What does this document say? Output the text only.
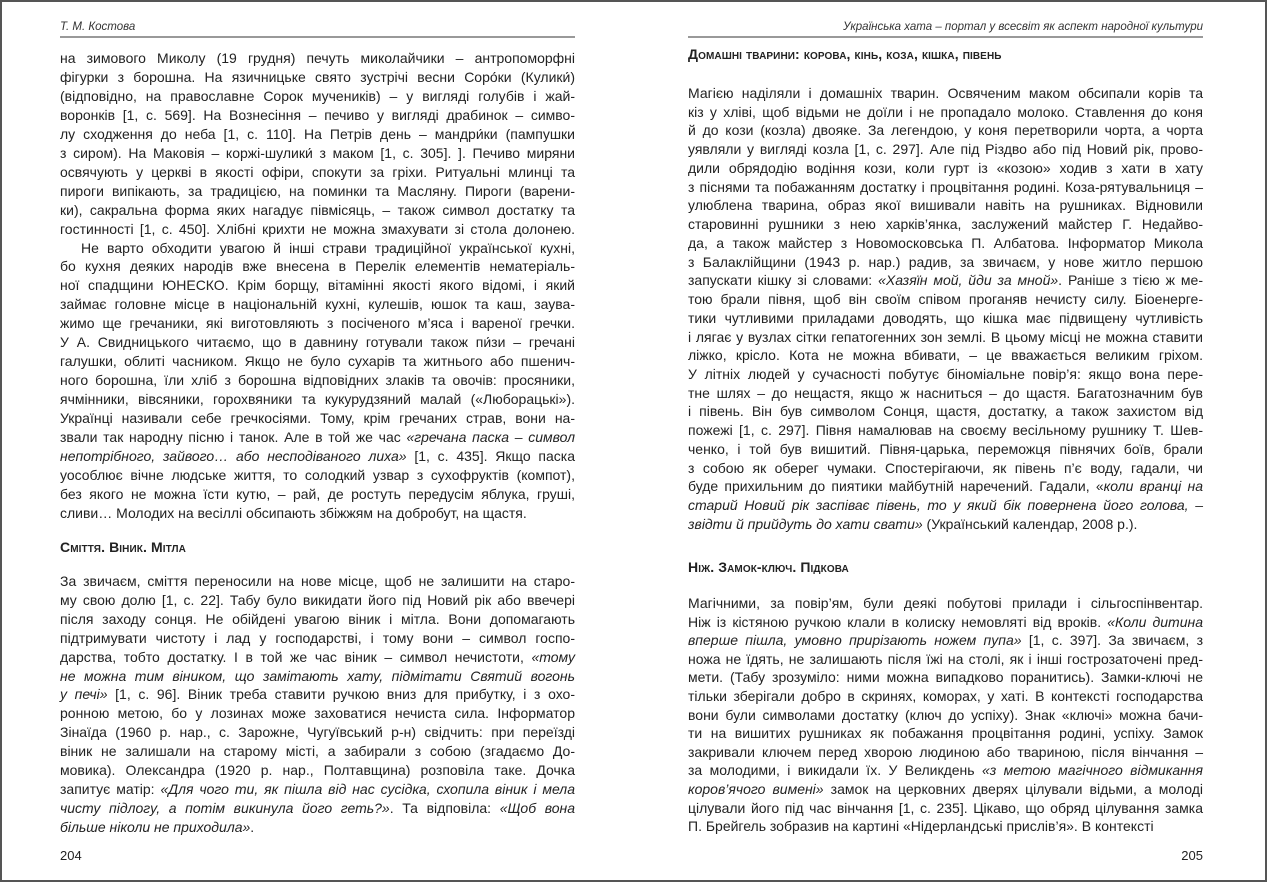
Т. М. Костова
на зимового Миколу (19 грудня) печуть миколайчики – антропоморфні
фігурки з борошна. На язичницьке свято зустрічі весни Соро́ки (Кулики́)
(відповідно, на православне Сорок мучеників) – у вигляді голубів і жай-
воронків [1, с. 569]. На Вознесіння – печиво у вигляді драбинок – симво-
лу сходження до неба [1, с. 110]. На Петрів день – мандри́ки (пампушки
з сиром). На Маковія – коржі-шулики́ з маком [1, с. 305]. ]. Печиво миряни
освячують у церкві в якості офіри, спокути за гріхи. Ритуальні млинці та
пироги випікають, за традицією, на поминки та Масляну. Пироги (варени-
ки), сакральна форма яких нагадує півмісяць, – також символ достатку та
гостинності [1, с. 450]. Хлібні крихти не можна змахувати зі стола долонею.
Не варто обходити увагою й інші страви традиційної української кухні,
бо кухня деяких народів вже внесена в Перелік елементів нематеріаль-
ної спадщини ЮНЕСКО. Крім борщу, вітамінні якості якого відомі, і який
займає головне місце в національній кухні, кулешів, юшок та каш, заува-
жимо ще гречаники, які виготовляють з посіченого м’яса і вареної гречки.
У А. Свидницького читаємо, що в давнину готували також пи́зи – гречані
галушки, облиті часником. Якщо не було сухарів та житнього або пшенич-
ного борошна, їли хліб з борошна відповідних злаків та овочів: просяники,
ячмінники, вівсяники, горохвяники та кукурудзяний малай («Люборацькі»).
Українці називали себе гречкосіями. Тому, крім гречаних страв, вони на-
звали так народну пісню і танок. Але в той же час «гречана паска – символ
непотрібного, зайвого… або несподіваного лиха» [1, с. 435]. Якщо паска
уособлює вічне людське життя, то солодкий узвар з сухофруктів (компот),
без якого не можна їсти кутю, – рай, де ростуть передусім яблука, груші,
сливи… Молодих на весіллі обсипають збіжжям на добробут, на щастя.
Сміття. Віник. Мітла
За звичаєм, сміття переносили на нове місце, щоб не залишити на старо-
му свою долю [1, с. 22]. Табу було викидати його під Новий рік або ввечері
після заходу сонця. Не обійдені увагою віник і мітла. Вони допомагають
підтримувати чистоту і лад у господарстві, і тому вони – символ госпо-
дарства, тобто достатку. І в той же час віник – символ нечистоти, «тому
не можна тим віником, що замітають хату, підмітати Святий вогонь
у печі» [1, с. 96]. Віник треба ставити ручкою вниз для прибутку, і з охо-
ронною метою, бо у лозинах може заховатися нечиста сила. Інформатор
Зінаїда (1960 р. нар., с. Зарожне, Чугуївський р-н) свідчить: при переїзді
віник не залишали на старому місті, а забирали з собою (згадаємо До-
мовика). Олександра (1920 р. нар., Полтавщина) розповіла таке. Дочка
запитує матір: «Для чого ти, як пішла від нас сусідка, схопила віник і мела
чисту підлогу, а потім викинула його геть?». Та відповіла: «Щоб вона
більше ніколи не приходила».
204
Українська хата – портал у всесвіт як аспект народної культури
Домашні тварини: корова, кінь, коза, кішка, півень
Магією наділяли і домашніх тварин. Освяченим маком обсипали корів та
кіз у хліві, щоб відьми не доїли і не пропадало молоко. Ставлення до коня
й до кози (козла) двояке. За легендою, у коня перетворили чорта, а чорта
уявляли у вигляді козла [1, с. 297]. Але під Різдво або під Новий рік, прово-
дили обрядодію водіння кози, коли гурт із «козою» ходив з хати в хату
з піснями та побажанням достатку і процвітання родині. Коза-рятувальниця –
улюблена тварина, образ якої вишивали навіть на рушниках. Відновили
старовинні рушники з нею харків’янка, заслужений майстер Г. Недайво-
да, а також майстер з Новомосковська П. Албатова. Інформатор Микола
з Балаклійщини (1943 р. нар.) радив, за звичаєм, у нове житло першою
запускати кішку зі словами: «Хазяїн мой, йди за мной». Раніше з тією ж ме-
тою брали півня, щоб він своїм співом проганяв нечисту силу. Біоенерге-
тики чутливими приладами доводять, що кішка має підвищену чутливість
і лягає у вузлах сітки гепатогенних зон землі. В цьому місці не можна ставити
ліжко, крісло. Кота не можна вбивати, – це вважається великим гріхом.
У літніх людей у сучасності побутує біноміальне повір’я: якщо вона пере-
тне шлях – до нещастя, якщо ж насниться – до щастя. Багатозначним був
і півень. Він був символом Сонця, щастя, достатку, а також захистом від
пожежі [1, с. 297]. Півня намалював на своєму весільному рушнику Т. Шев-
ченко, і той був вишитий. Півня-царька, переможця півнячих боїв, брали
з собою як оберег чумаки. Спостерігаючи, як півень п’є воду, гадали, чи
буде прихильним до пиятики майбутній наречений. Гадали, «коли вранці на
старий Новий рік заспіває півень, то у який бік повернена його голова, –
звідти й прийдуть до хати свати» (Український календар, 2008 р.).
Ніж. Замок-ключ. Підкова
Магічними, за повір’ям, були деякі побутові прилади і сільгоспінвентар.
Ніж із кістяною ручкою клали в колиску немовляті від вроків. «Коли дитина
вперше пішла, умовно прирізають ножем пупа» [1, с. 397]. За звичаєм, з
ножа не їдять, не залишають після їжі на столі, як і інші гострозаточені пред-
мети. (Табу зрозуміло: ними можна випадково поранитись). Замки-ключі не
тільки зберігали добро в скринях, коморах, у хаті. В контексті господарства
вони були символами достатку (ключ до успіху). Знак «ключі» можна бачи-
ти на вишитих рушниках як побажання процвітання родині, успіху. Замок
закривали ключем перед хворою людиною або твариною, після вінчання –
за молодими, і викидали їх. У Великдень «з метою магічного відмикання
коров’ячого вимені» замок на церковних дверях цілували відьми, а молоді
цілували його під час вінчання [1, с. 235]. Цікаво, що обряд цілування замка
П. Брейгель зобразив на картині «Нідерландські прислів’я». В контексті
205
